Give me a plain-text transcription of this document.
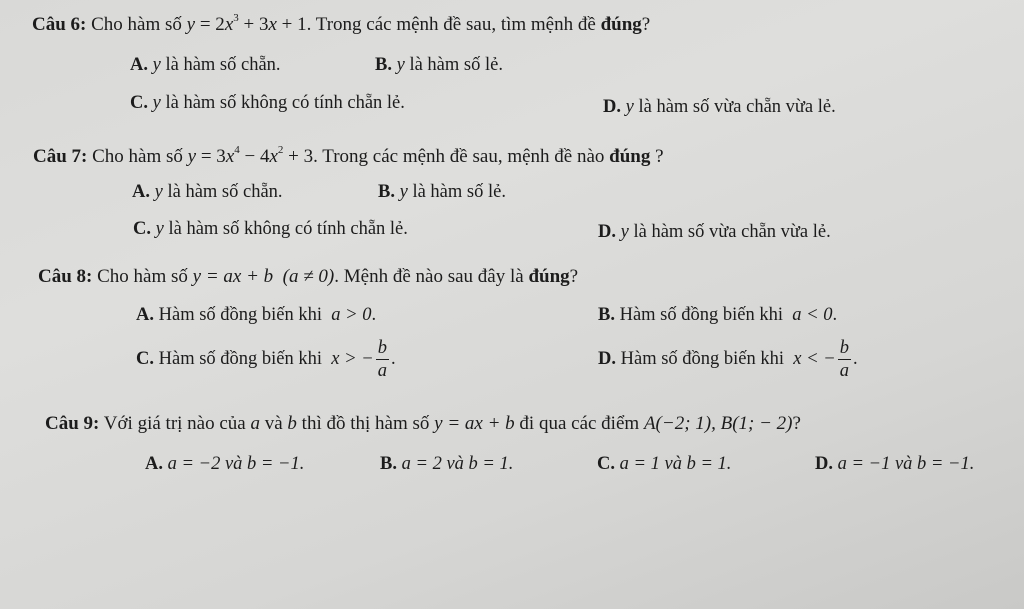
Câu 6: Cho hàm số $y = 2x^3 + 3x + 1$. Trong các mệnh đề sau, tìm mệnh đề đúng?
A. y là hàm số chẵn.	B. y là hàm số lẻ.
C. y là hàm số không có tính chẵn lẻ.	D. y là hàm số vừa chẵn vừa lẻ.
Câu 7: Cho hàm số $y = 3x^4 - 4x^2 + 3$. Trong các mệnh đề sau, mệnh đề nào đúng ?
A. y là hàm số chẵn.	B. y là hàm số lẻ.
C. y là hàm số không có tính chẵn lẻ.	D. y là hàm số vừa chẵn vừa lẻ.
Câu 8: Cho hàm số y = ax + b (a ≠ 0). Mệnh đề nào sau đây là đúng?
A. Hàm số đồng biến khi  a > 0.	B. Hàm số đồng biến khi  a < 0.
C. Hàm số đồng biến khi  x > − $\frac{b}{a}$ .	D. Hàm số đồng biến khi  x < − $\frac{b}{a}$ .
Câu 9: Với giá trị nào của a và b thì đồ thị hàm số y = ax + b đi qua các điểm A(−2; 1), B(1; − 2)?
A. a = −2 và b = −1.	B. a = 2 và b = 1.	C. a = 1 và b = 1.	D. a = −1 và b = −1.
